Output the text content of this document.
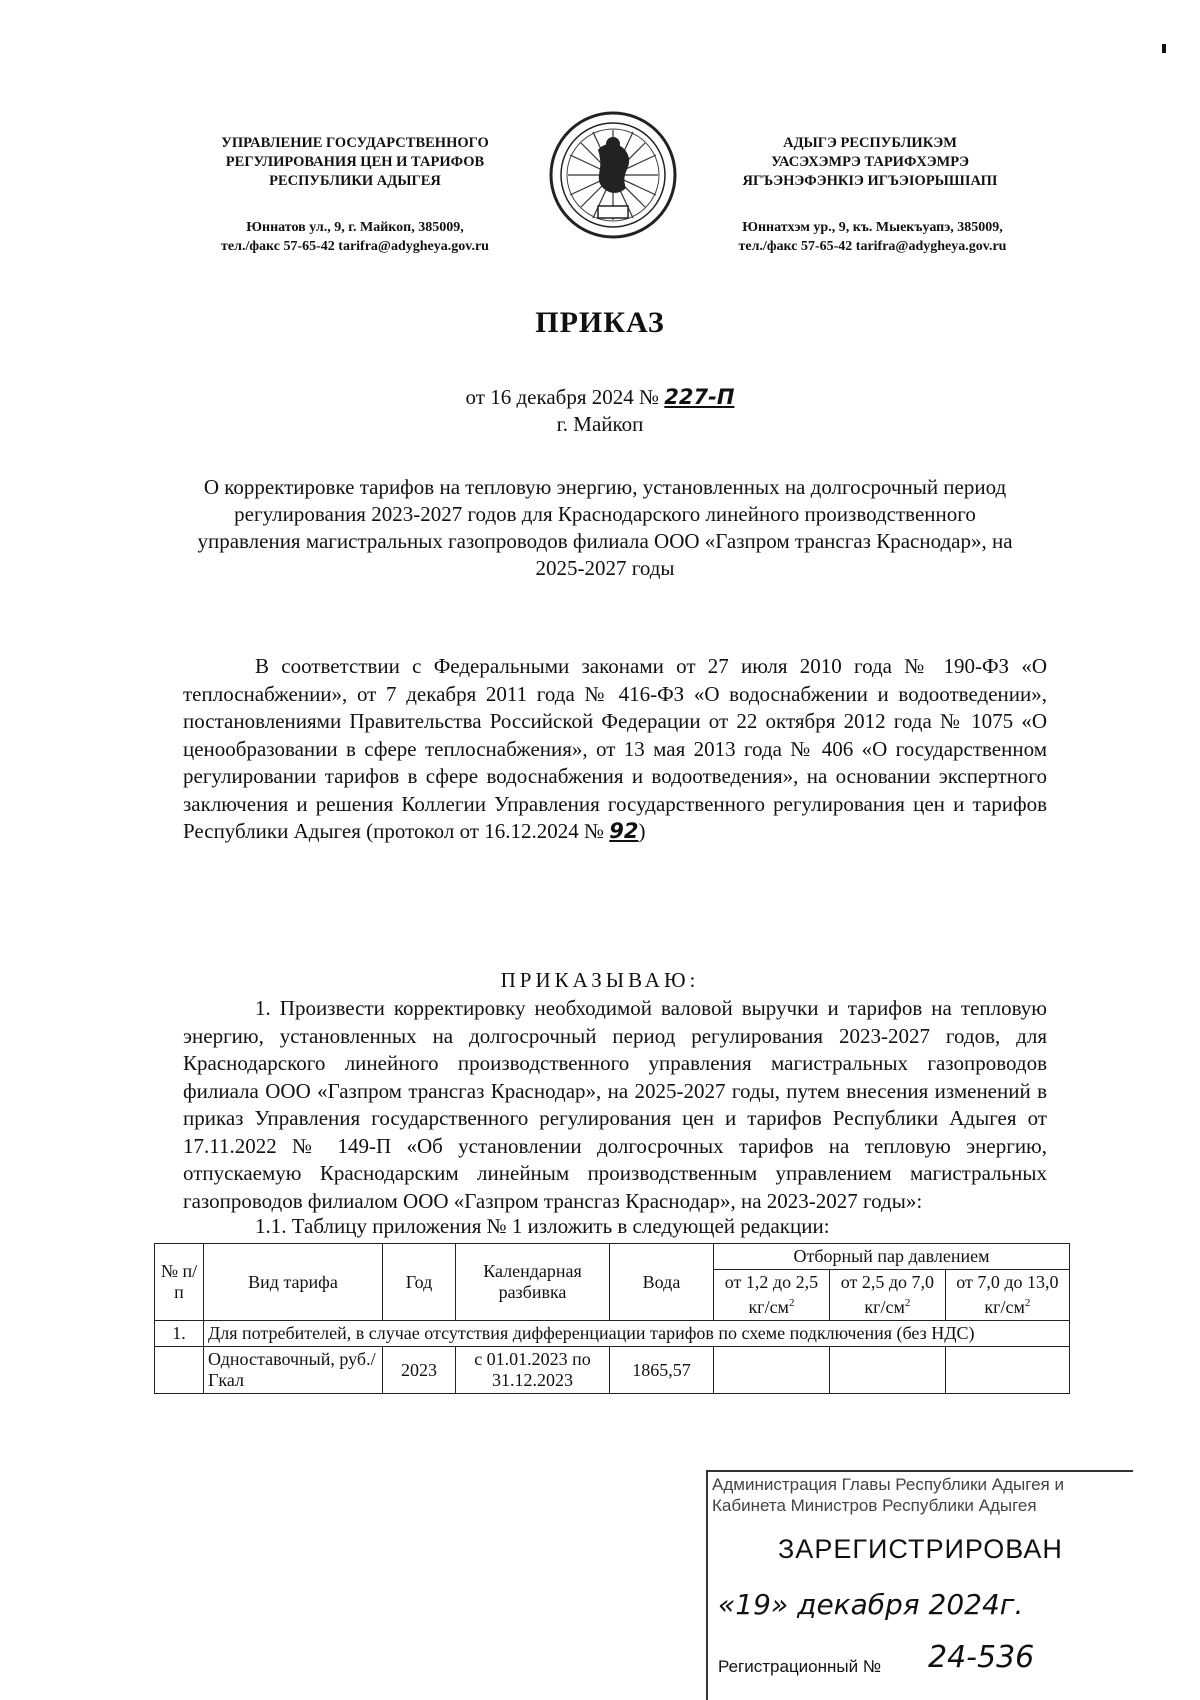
УПРАВЛЕНИЕ ГОСУДАРСТВЕННОГО
РЕГУЛИРОВАНИЯ ЦЕН И ТАРИФОВ
РЕСПУБЛИКИ АДЫГЕЯ
Юннатов ул., 9, г. Майкоп, 385009,
тел./факс 57-65-42 tarifra@adygheya.gov.ru
АДЫГЭ РЕСПУБЛИКЭМ
УАСЭХЭМРЭ ТАРИФХЭМРЭ
ЯГЪЭНЭФЭНКIЭ ИГЪЭIОРЫШIАПI
Юннатхэм ур., 9, къ. Мыекъуапэ, 385009,
тел./факс 57-65-42 tarifra@adygheya.gov.ru
ПРИКАЗ
от 16 декабря 2024 № 227-П
г. Майкоп
О корректировке тарифов на тепловую энергию, установленных на долгосрочный период регулирования 2023-2027 годов для Краснодарского линейного производственного управления магистральных газопроводов филиала ООО «Газпром трансгаз Краснодар», на 2025-2027 годы
В соответствии с Федеральными законами от 27 июля 2010 года № 190-ФЗ «О теплоснабжении», от 7 декабря 2011 года № 416-ФЗ «О водоснабжении и водоотведении», постановлениями Правительства Российской Федерации от 22 октября 2012 года № 1075 «О ценообразовании в сфере теплоснабжения», от 13 мая 2013 года № 406 «О государственном регулировании тарифов в сфере водоснабжения и водоотведения», на основании экспертного заключения и решения Коллегии Управления государственного регулирования цен и тарифов Республики Адыгея (протокол от 16.12.2024 № 92)
ПРИКАЗЫВАЮ:
1. Произвести корректировку необходимой валовой выручки и тарифов на тепловую энергию, установленных на долгосрочный период регулирования 2023-2027 годов, для Краснодарского линейного производственного управления магистральных газопроводов филиала ООО «Газпром трансгаз Краснодар», на 2025-2027 годы, путем внесения изменений в приказ Управления государственного регулирования цен и тарифов Республики Адыгея от 17.11.2022 № 149-П «Об установлении долгосрочных тарифов на тепловую энергию, отпускаемую Краснодарским линейным производственным управлением магистральных газопроводов филиалом ООО «Газпром трансгаз Краснодар», на 2023-2027 годы»:
1.1. Таблицу приложения № 1 изложить в следующей редакции:
№ п/п	Вид тарифа	Год	Календарная разбивка	Вода	Отборный пар давлением		
					от 1,2 до 2,5 $кг/см^2$	от 2,5 до 7,0 $кг/см^2$	от 7,0 до 13,0 $кг/см^2$
1.	Для потребителей, в случае отсутствия дифференциации тарифов по схеме подключения (без НДС)						
	Одноставочный, руб./Гкал	2023	с 01.01.2023 по 31.12.2023	1865,57			
Администрация Главы Республики Адыгея и Кабинета Министров Республики Адыгея
ЗАРЕГИСТРИРОВАН
«19» декабря 2024г.
Регистрационный № 24-536
